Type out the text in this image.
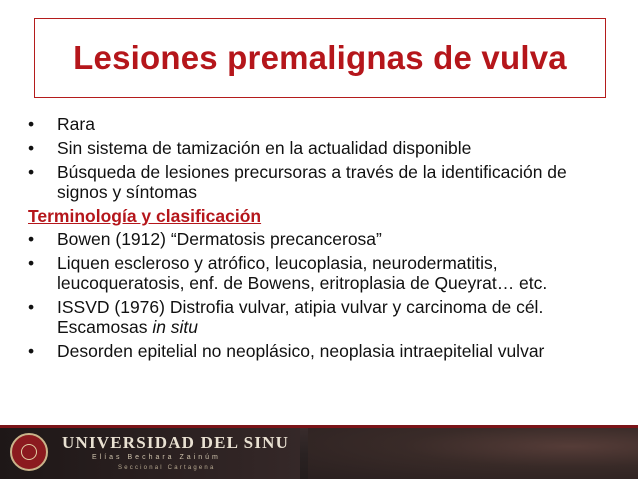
Lesiones premalignas de vulva
• Rara
• Sin sistema de tamización en la actualidad disponible
• Búsqueda de lesiones precursoras a través de la identificación de signos y síntomas
Terminología y clasificación
• Bowen (1912) “Dermatosis precancerosa”
• Liquen escleroso y atrófico, leucoplasia, neurodermatitis, leucoqueratosis, enf. de Bowens, eritroplasia de Queyrat… etc.
• ISSVD (1976) Distrofia vulvar, atipia vulvar y carcinoma de cél. Escamosas in situ
• Desorden epitelial no neoplásico, neoplasia intraepitelial vulvar
UNIVERSIDAD DEL SINU
Elías Bechara Zainúm
Seccional Cartagena
